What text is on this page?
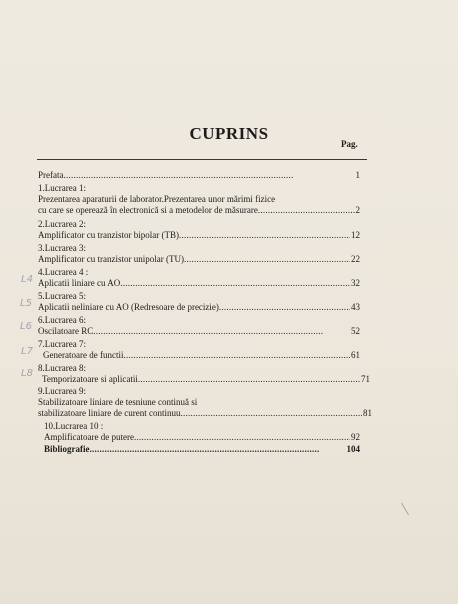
CUPRINS
Pag.
Prefata . . .	1
1.Lucrarea 1:
Prezentarea aparaturii de laborator.Prezentarea unor mărimi fizice
cu care se operează în electronică si a metodelor de măsurare . . .	2
2.Lucrarea 2:
Amplificator cu tranzistor bipolar (TB) . . .	12
3.Lucrarea 3:
Amplificator cu tranzistor unipolar (TU) . . .	22
4.Lucrarea 4 :
Aplicatii liniare cu AO . . .	32
5.Lucrarea 5:
Aplicatii neliniare cu AO (Redresoare de precizie) . . .	43
6.Lucrarea 6:
Oscilatoare RC . . .	52
7.Lucrarea 7:
Generatoare de functii . . .	61
8.Lucrarea 8:
Temporizatoare si aplicatii . . .	71
9.Lucrarea 9:
Stabilizatoare liniare de tesniune continuă si
stabilizatoare liniare de curent continuu . . .	81
10.Lucrarea 10 :
Amplificatoare de putere . . .	92
Bibliografie . . .	104
L4
L5
L6
L7
L8
